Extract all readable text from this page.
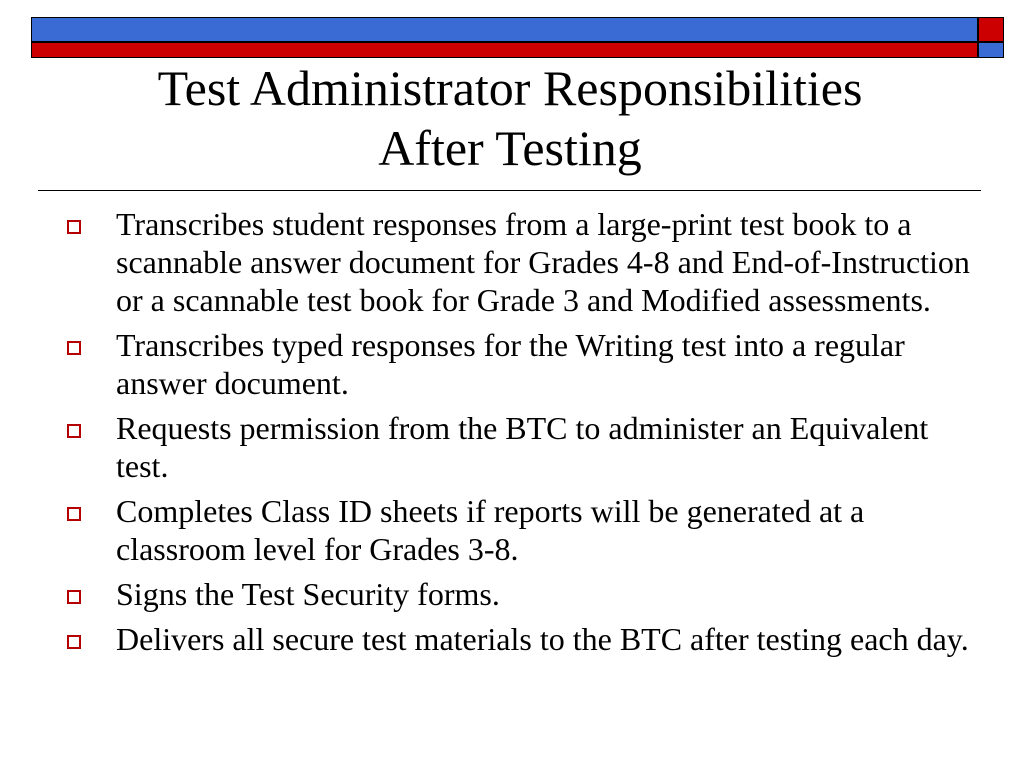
Test Administrator Responsibilities
After Testing
Transcribes student responses from a large-print test book to a scannable answer document for Grades 4-8 and End-of-Instruction or a scannable test book for Grade 3 and Modified assessments.
Transcribes typed responses for the Writing test into a regular answer document.
Requests permission from the BTC to administer an Equivalent test.
Completes Class ID sheets if reports will be generated at a classroom level for Grades 3-8.
Signs the Test Security forms.
Delivers all secure test materials to the BTC after testing each day.
